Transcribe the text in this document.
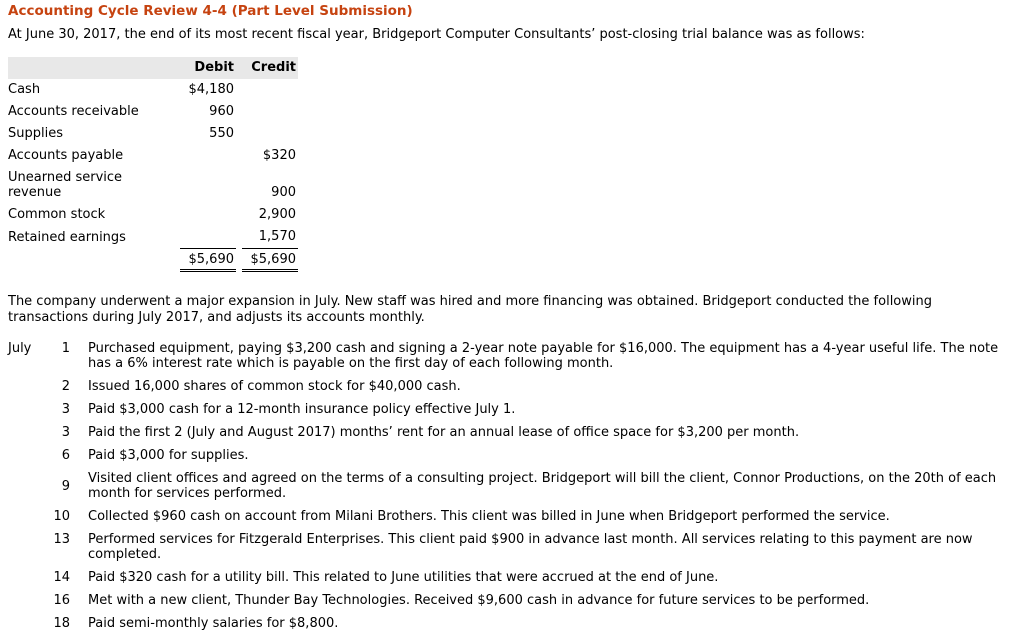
Accounting Cycle Review 4-4 (Part Level Submission)

At June 30, 2017, the end of its most recent fiscal year, Bridgeport Computer Consultants’ post-closing trial balance was as follows:

	Debit		Credit
Cash	$4,180		
Accounts receivable	960		
Supplies	550		
Accounts payable			$320
Unearned service revenue			900
Common stock			2,900
Retained earnings			1,570
	$5,690		$5,690

The company underwent a major expansion in July. New staff was hired and more financing was obtained. Bridgeport conducted the following transactions during July 2017, and adjusts its accounts monthly.

July	1	Purchased equipment, paying $3,200 cash and signing a 2-year note payable for $16,000. The equipment has a 4-year useful life. The note has a 6% interest rate which is payable on the first day of each following month.
	2	Issued 16,000 shares of common stock for $40,000 cash.
	3	Paid $3,000 cash for a 12-month insurance policy effective July 1.
	3	Paid the first 2 (July and August 2017) months’ rent for an annual lease of office space for $3,200 per month.
	6	Paid $3,000 for supplies.
	9	Visited client offices and agreed on the terms of a consulting project. Bridgeport will bill the client, Connor Productions, on the 20th of each month for services performed.
	10	Collected $960 cash on account from Milani Brothers. This client was billed in June when Bridgeport performed the service.
	13	Performed services for Fitzgerald Enterprises. This client paid $900 in advance last month. All services relating to this payment are now completed.
	14	Paid $320 cash for a utility bill. This related to June utilities that were accrued at the end of June.
	16	Met with a new client, Thunder Bay Technologies. Received $9,600 cash in advance for future services to be performed.
	18	Paid semi-monthly salaries for $8,800.
